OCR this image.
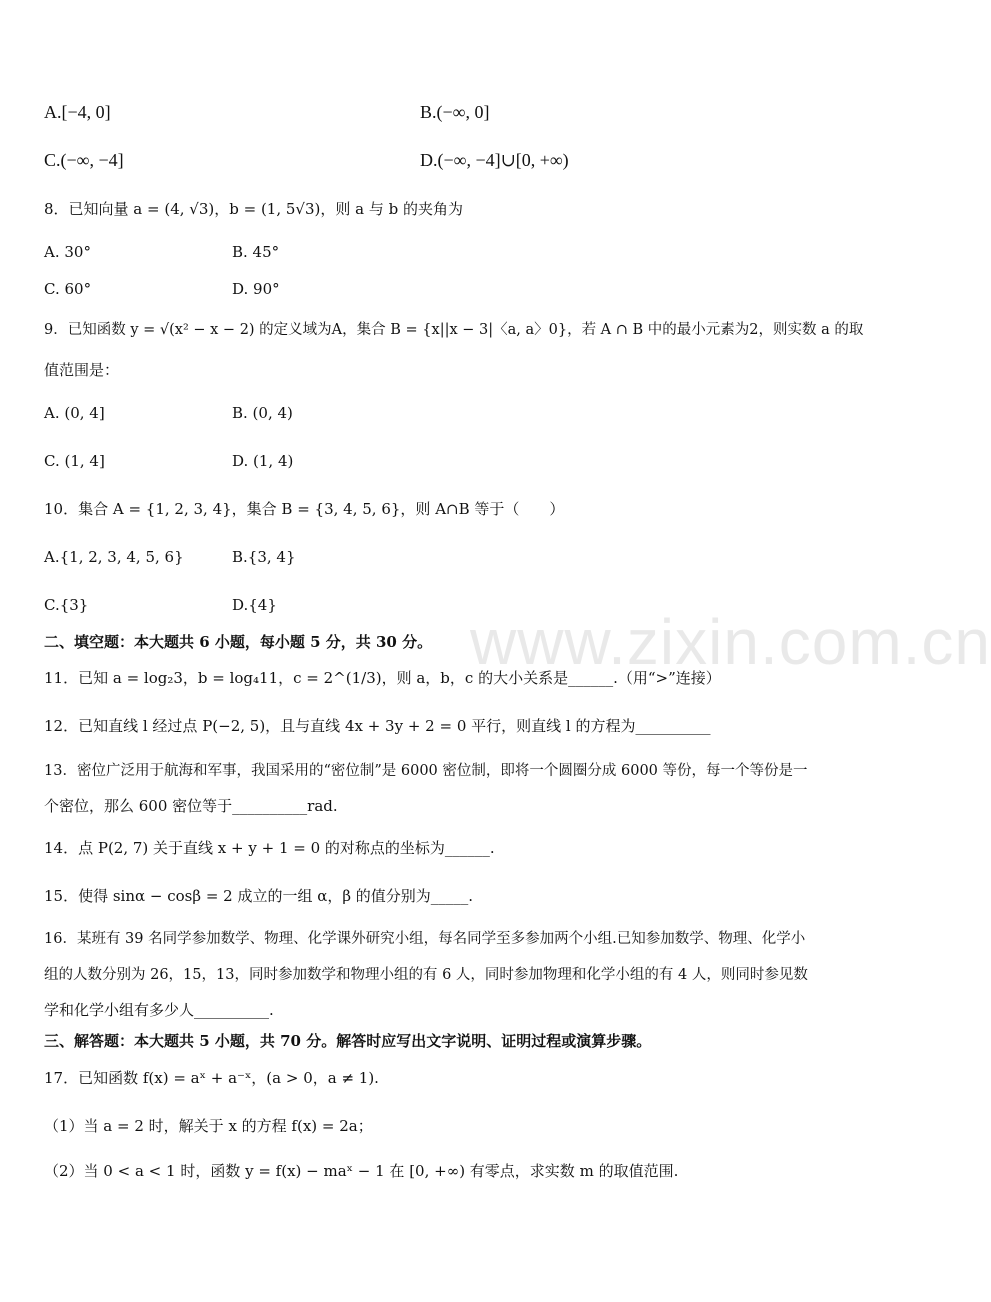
A.[−4, 0]	B.(−∞, 0]
C.(−∞, −4]	D.(−∞, −4]∪[0, +∞)
8．已知向量 a = (4, √3)，b = (1, 5√3)，则 a 与 b 的夹角为
A. 30°	B. 45°
C. 60°	D. 90°
9．已知函数 y = √(x² − x − 2) 的定义域为A，集合 B = {x||x − 3|〈a, a〉0}，若 A ∩ B 中的最小元素为2，则实数 a 的取
值范围是：
A. (0, 4]	B. (0, 4)
C. (1, 4]	D. (1, 4)
10．集合 A = {1, 2, 3, 4}，集合 B = {3, 4, 5, 6}，则 A∩B 等于（　　）
A.{1, 2, 3, 4, 5, 6}	B.{3, 4}
C.{3}	D.{4}
二、填空题：本大题共 6 小题，每小题 5 分，共 30 分。
11．已知 a = log₂3，b = log₄11，c = 2^(1/3)，则 a，b，c 的大小关系是______.（用“>”连接）
12．已知直线 l 经过点 P(−2, 5)，且与直线 4x + 3y + 2 = 0 平行，则直线 l 的方程为__________
13．密位广泛用于航海和军事，我国采用的“密位制”是 6000 密位制，即将一个圆圈分成 6000 等份，每一个等份是一
个密位，那么 600 密位等于__________rad.
14．点 P(2, 7) 关于直线 x + y + 1 = 0 的对称点的坐标为______.
15．使得 sinα − cosβ = 2 成立的一组 α，β 的值分别为_____.
16．某班有 39 名同学参加数学、物理、化学课外研究小组，每名同学至多参加两个小组.已知参加数学、物理、化学小
组的人数分别为 26，15，13，同时参加数学和物理小组的有 6 人，同时参加物理和化学小组的有 4 人，则同时参见数
学和化学小组有多少人__________.
三、解答题：本大题共 5 小题，共 70 分。解答时应写出文字说明、证明过程或演算步骤。
17．已知函数 f(x) = aˣ + a⁻ˣ，(a > 0，a ≠ 1).
（1）当 a = 2 时，解关于 x 的方程 f(x) = 2a；
（2）当 0 < a < 1 时，函数 y = f(x) − maˣ − 1 在 [0, +∞) 有零点，求实数 m 的取值范围.
www.zixin.com.cn
